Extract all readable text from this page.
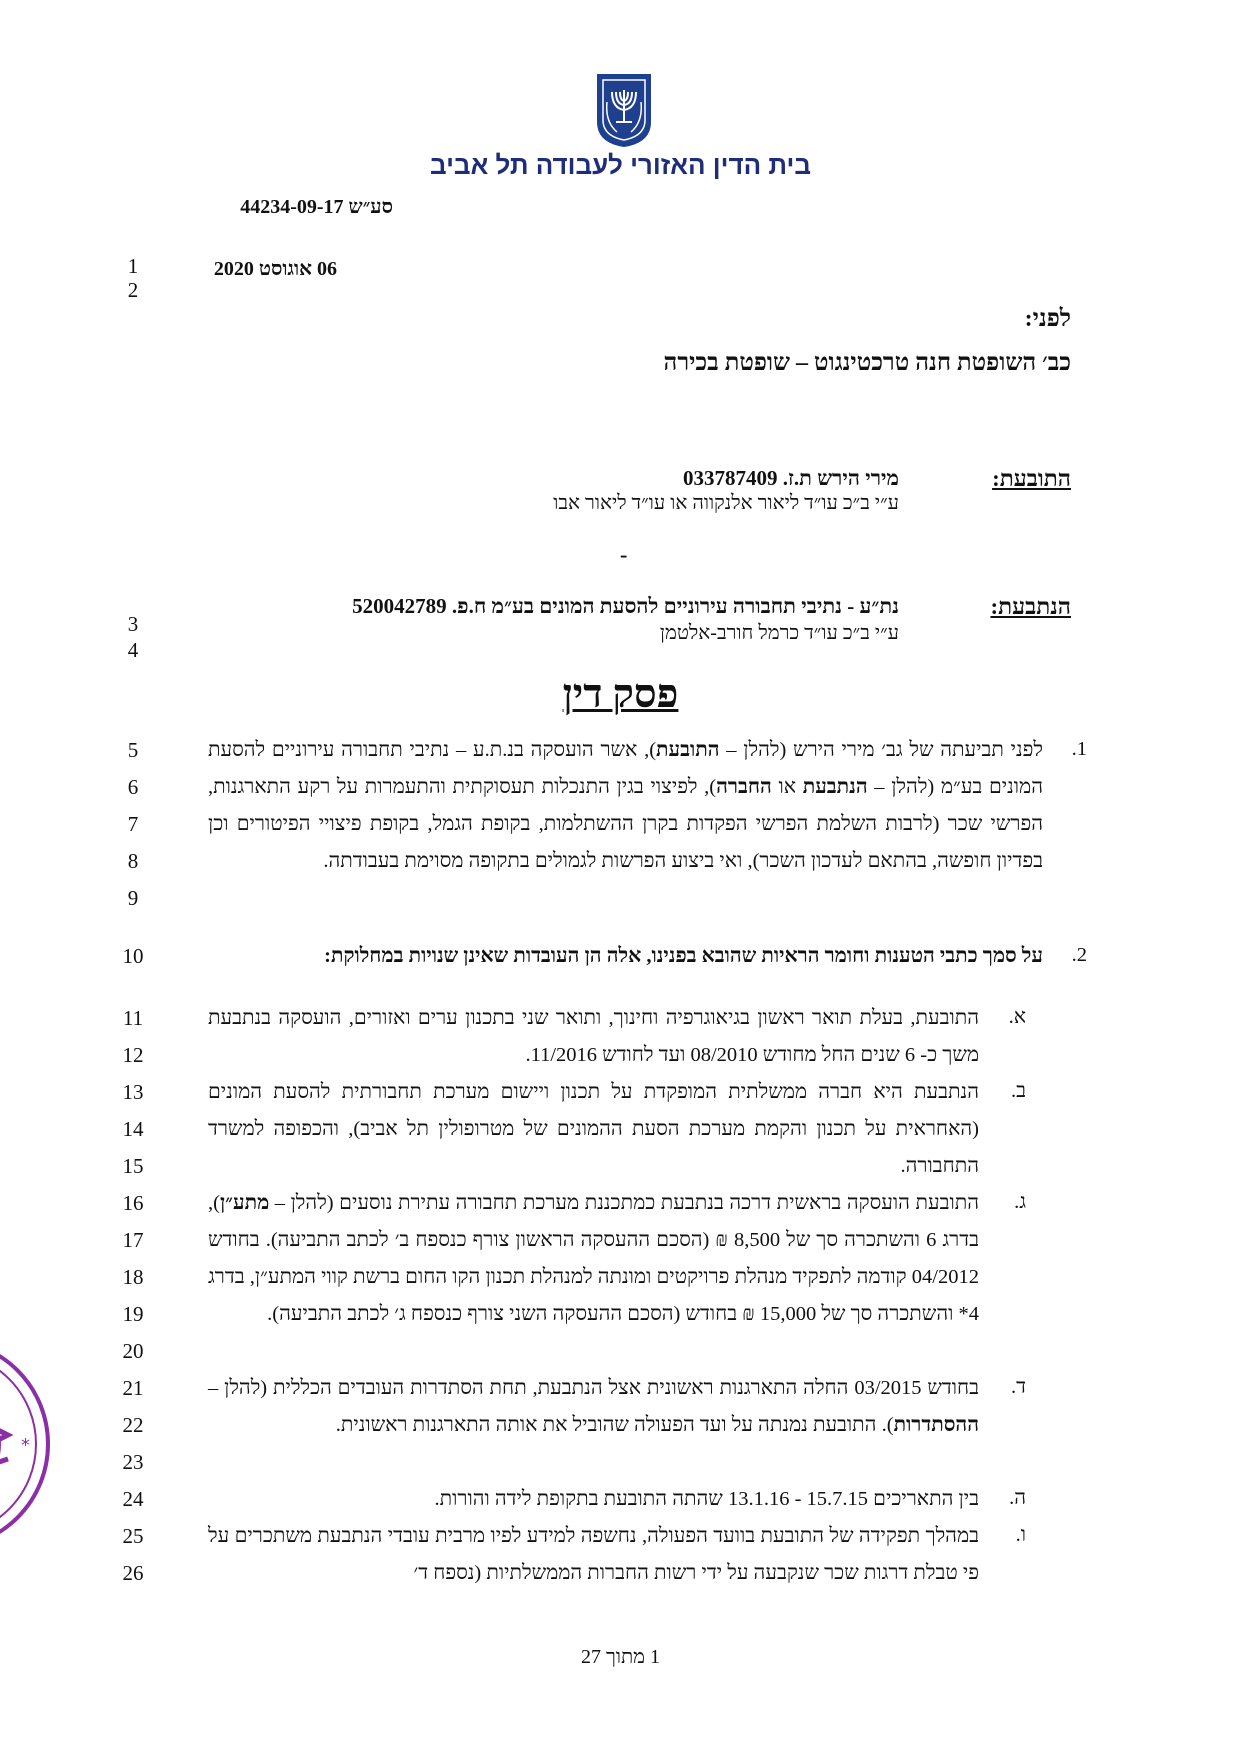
בית הדין האזורי לעבודה תל אביב
סע״ש 44234-09-17
06 אוגוסט 2020
1
2
3
4
5
6
7
8
9
10
11
12
13
14
15
16
17
18
19
20
21
22
23
24
25
26
לפני:
כב׳ השופטת חנה טרכטינגוט – שופטת בכירה
התובעת:
מירי הירש ת.ז. 033787409
ע״י ב״כ עו״ד ליאור אלנקווה או עו״ד ליאור אבו
-
הנתבעת:
נת״ע - נתיבי תחבורה עירוניים להסעת המונים בע״מ ח.פ. 520042789
ע״י ב״כ עו״ד כרמל חורב-אלטמן
פסק דין
1.
לפני תביעתה של גב׳ מירי הירש (להלן – התובעת), אשר הועסקה בנ.ת.ע – נתיבי תחבורה עירוניים להסעת המונים בע״מ (להלן – הנתבעת או החברה), לפיצוי בגין התנכלות תעסוקתית והתעמרות על רקע התארגנות, הפרשי שכר (לרבות השלמת הפרשי הפקדות בקרן ההשתלמות, בקופת הגמל, בקופת פיצויי הפיטורים וכן בפדיון חופשה, בהתאם לעדכון השכר), ואי ביצוע הפרשות לגמולים בתקופה מסוימת בעבודתה.
2.
על סמך כתבי הטענות וחומר הראיות שהובא בפנינו, אלה הן העובדות שאינן שנויות במחלוקת:
א.
התובעת, בעלת תואר ראשון בגיאוגרפיה וחינוך, ותואר שני בתכנון ערים ואזורים, הועסקה בנתבעת משך כ- 6 שנים החל מחודש 08/2010 ועד לחודש 11/2016.
ב.
הנתבעת היא חברה ממשלתית המופקדת על תכנון ויישום מערכת תחבורתית להסעת המונים (האחראית על תכנון והקמת מערכת הסעת ההמונים של מטרופולין תל אביב), והכפופה למשרד התחבורה.
ג.
התובעת הועסקה בראשית דרכה בנתבעת כמתכננת מערכת תחבורה עתירת נוסעים (להלן – מתע״ן), בדרג 6 והשתכרה סך של 8,500 ₪ (הסכם ההעסקה הראשון צורף כנספח ב׳ לכתב התביעה). בחודש 04/2012 קודמה לתפקיד מנהלת פרויקטים ומונתה למנהלת תכנון הקו החום ברשת קווי המתע״ן, בדרג 4* והשתכרה סך של 15,000 ₪ בחודש (הסכם ההעסקה השני צורף כנספח ג׳ לכתב התביעה).
ד.
בחודש 03/2015 החלה התארגנות ראשונית אצל הנתבעת, תחת הסתדרות העובדים הכללית (להלן – ההסתדרות). התובעת נמנתה על ועד הפעולה שהוביל את אותה התארגנות ראשונית.
ה.
בין התאריכים 15.7.15 - 13.1.16 שהתה התובעת בתקופת לידה והורות.
ו.
במהלך תפקידה של התובעת בוועד הפעולה, נחשפה למידע לפיו מרבית עובדי הנתבעת משתכרים על פי טבלת דרגות שכר שנקבעה על ידי רשות החברות הממשלתיות (נספח ד׳
*
1 מתוך 27
